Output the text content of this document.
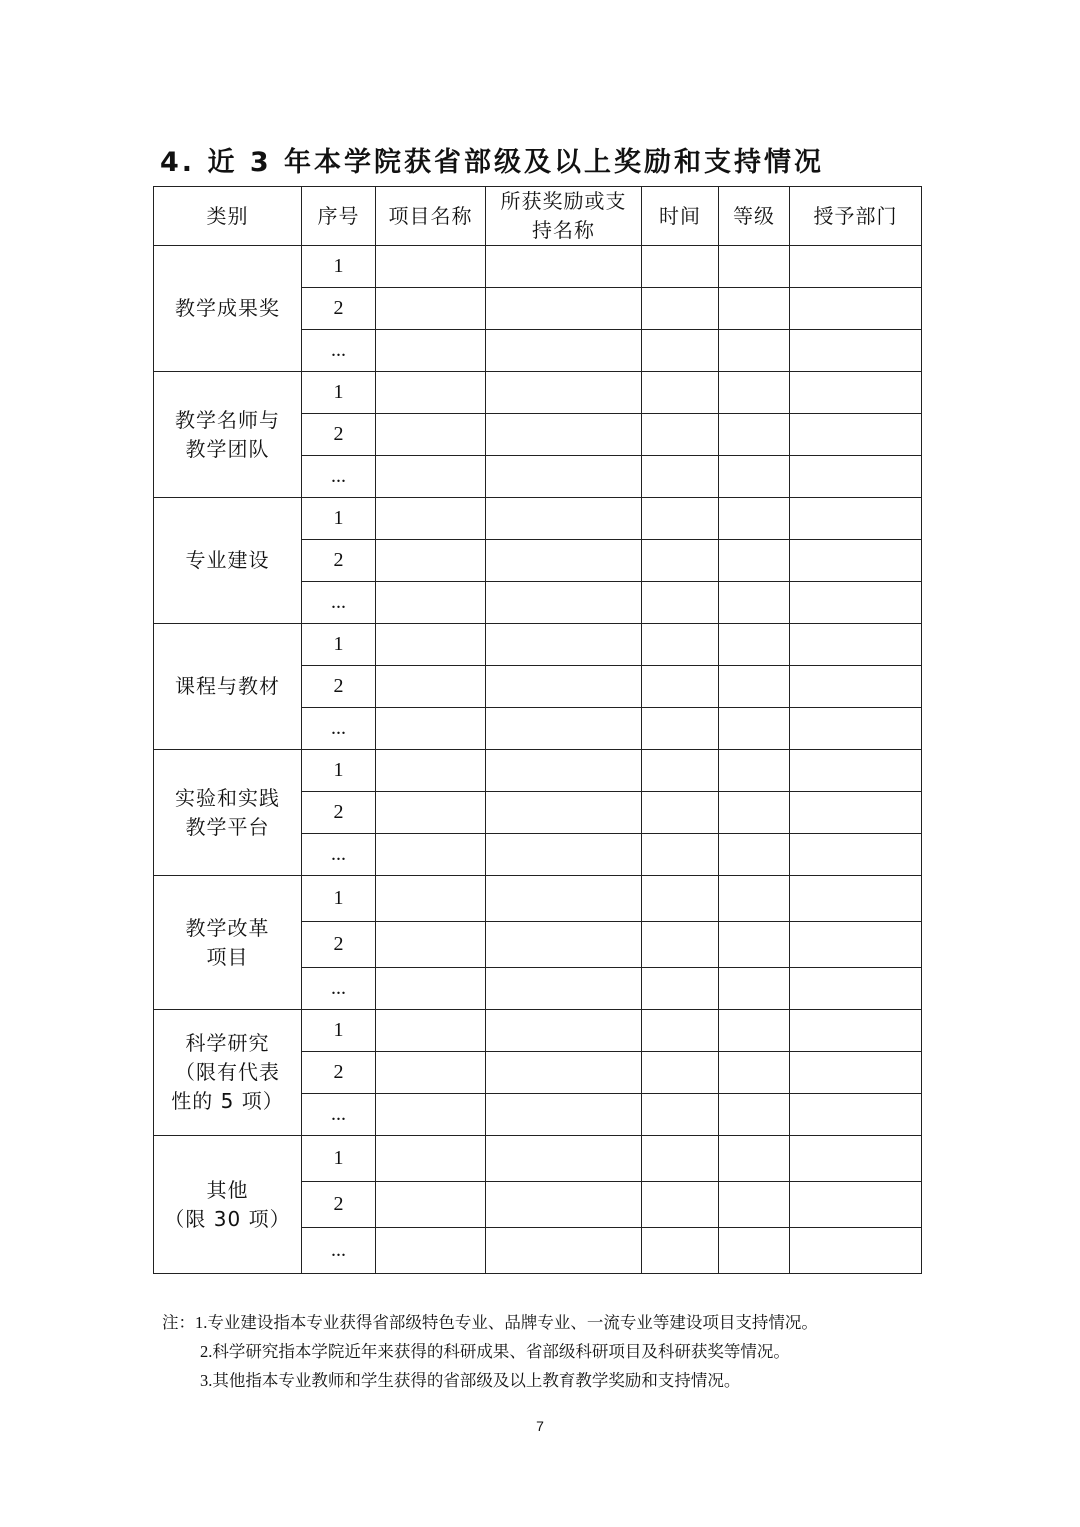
4. 近 3 年本学院获省部级及以上奖励和支持情况
类别	序号	项目名称	所获奖励或支持名称	时间	等级	授予部门

教学成果奖	1					
	2					
	...					

教学名师与
教学团队	1					
	2					
	...					

专业建设	1					
	2					
	...					

课程与教材	1					
	2					
	...					

实验和实践
教学平台	1					
	2					
	...					

教学改革
项目	1					
	2					
	...					

科学研究
（限有代表
性的 5 项）	1					
	2					
	...					

其他
（限 30 项）	1					
	2					
	...					
注：1.专业建设指本专业获得省部级特色专业、品牌专业、一流专业等建设项目支持情况。
2.科学研究指本学院近年来获得的科研成果、省部级科研项目及科研获奖等情况。
3.其他指本专业教师和学生获得的省部级及以上教育教学奖励和支持情况。
7
